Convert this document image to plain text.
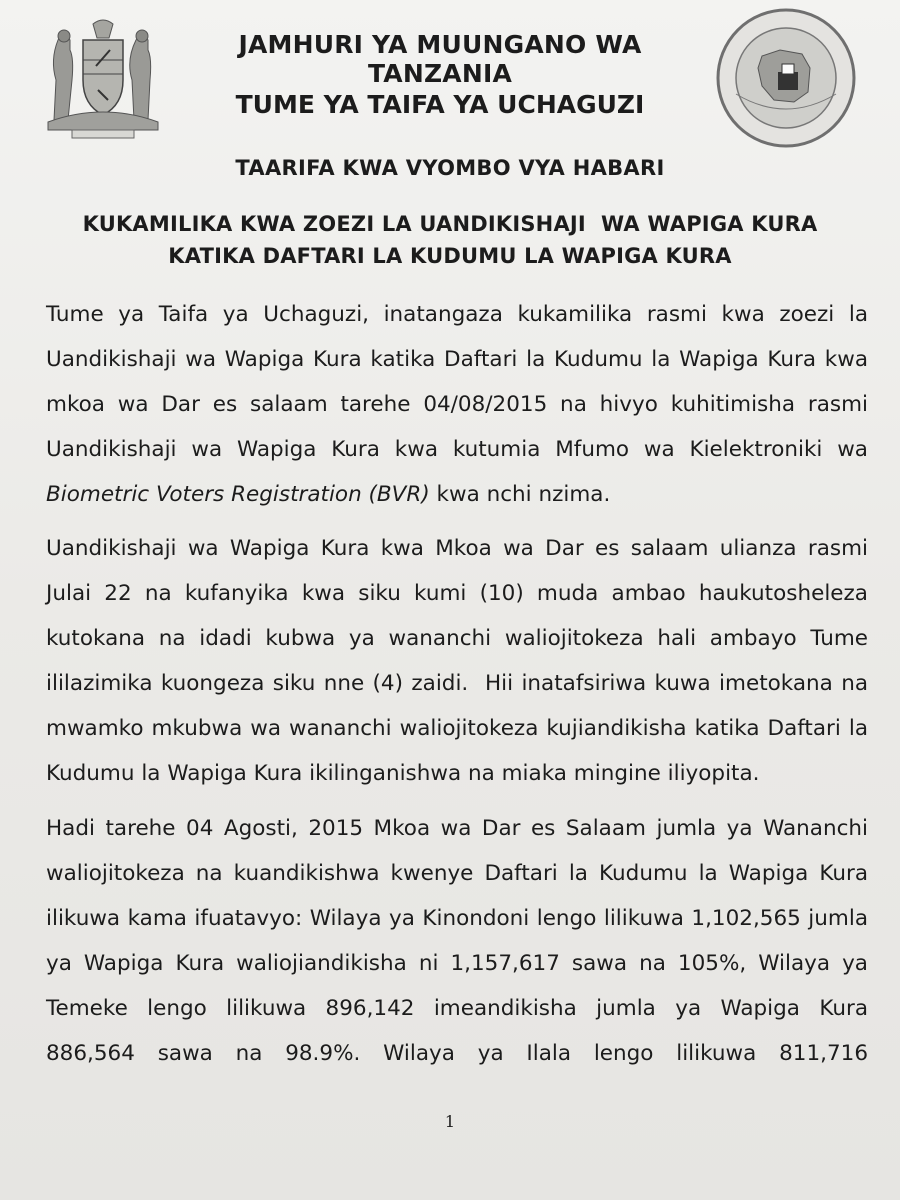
JAMHURI YA MUUNGANO WA TANZANIA
TUME YA TAIFA YA UCHAGUZI
TAARIFA KWA VYOMBO VYA HABARI
KUKAMILIKA KWA ZOEZI LA UANDIKISHAJI  WA WAPIGA KURA
KATIKA DAFTARI LA KUDUMU LA WAPIGA KURA
Tume ya Taifa ya Uchaguzi, inatangaza kukamilika rasmi kwa zoezi la
Uandikishaji wa Wapiga Kura katika Daftari la Kudumu la Wapiga Kura kwa
mkoa wa Dar es salaam tarehe 04/08/2015 na hivyo kuhitimisha rasmi
Uandikishaji wa Wapiga Kura kwa kutumia Mfumo wa Kielektroniki wa
Biometric Voters Registration (BVR) kwa nchi nzima.
Uandikishaji wa Wapiga Kura kwa Mkoa wa Dar es salaam ulianza rasmi
Julai 22 na kufanyika kwa siku kumi (10) muda ambao haukutosheleza
kutokana na idadi kubwa ya wananchi waliojitokeza hali ambayo Tume
ililazimika kuongeza siku nne (4) zaidi.  Hii inatafsiriwa kuwa imetokana na
mwamko mkubwa wa wananchi waliojitokeza kujiandikisha katika Daftari la
Kudumu la Wapiga Kura ikilinganishwa na miaka mingine iliyopita.
Hadi tarehe 04 Agosti, 2015 Mkoa wa Dar es Salaam jumla ya Wananchi
waliojitokeza na kuandikishwa kwenye Daftari la Kudumu la Wapiga Kura
ilikuwa kama ifuatavyo: Wilaya ya Kinondoni lengo lilikuwa 1,102,565 jumla
ya Wapiga Kura waliojiandikisha ni 1,157,617 sawa na 105%, Wilaya ya
Temeke lengo lilikuwa 896,142 imeandikisha jumla ya Wapiga Kura
886,564 sawa na 98.9%. Wilaya ya Ilala lengo lilikuwa 811,716
1
